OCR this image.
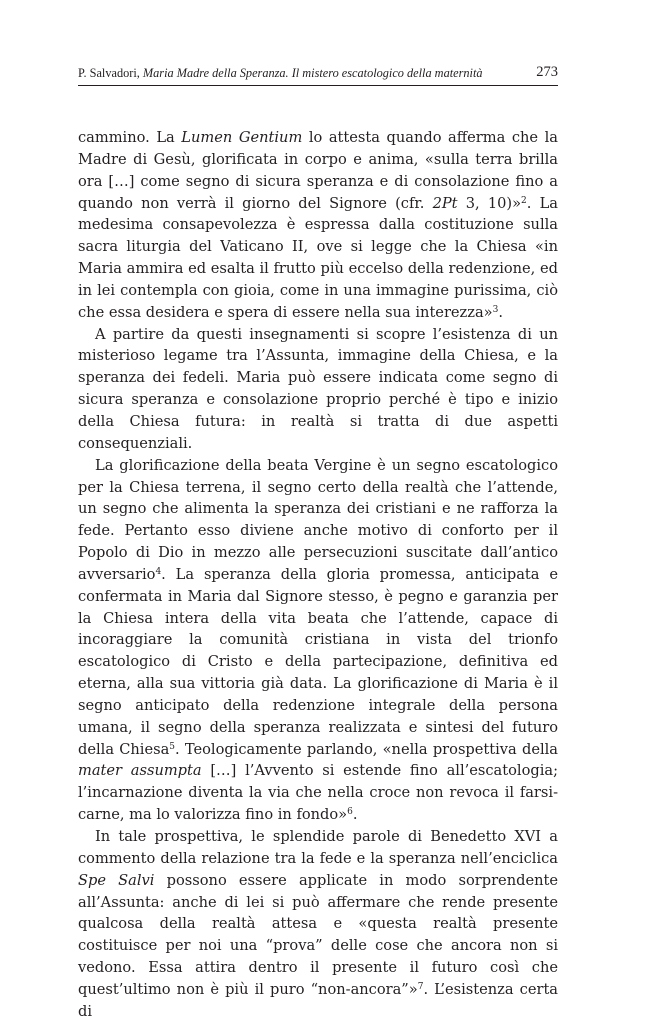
P. Salvadori, Maria Madre della Speranza. Il mistero escatologico della maternità	273

cammino. La Lumen Gentium lo attesta quando afferma che la Madre di Gesù, glorificata in corpo e anima, «sulla terra brilla ora […] come segno di sicura speranza e di consolazione fino a quando non verrà il giorno del Signore (cfr. 2Pt 3, 10)»$^2$. La medesima consapevolezza è espressa dalla costituzione sulla sacra liturgia del Vaticano II, ove si legge che la Chiesa «in Maria ammira ed esalta il frutto più eccelso della redenzione, ed in lei contempla con gioia, come in una immagine purissima, ciò che essa desidera e spera di essere nella sua interezza»$^3$.

A partire da questi insegnamenti si scopre l’esistenza di un misterioso legame tra l’Assunta, immagine della Chiesa, e la speranza dei fedeli. Maria può essere indicata come segno di sicura speranza e consolazione proprio perché è tipo e inizio della Chiesa futura: in realtà si tratta di due aspetti consequenziali.

La glorificazione della beata Vergine è un segno escatologico per la Chiesa terrena, il segno certo della realtà che l’attende, un segno che alimenta la speranza dei cristiani e ne rafforza la fede. Pertanto esso diviene anche motivo di conforto per il Popolo di Dio in mezzo alle persecuzioni suscitate dall’antico avversario$^4$. La speranza della gloria promessa, anticipata e confermata in Maria dal Signore stesso, è pegno e garanzia per la Chiesa intera della vita beata che l’attende, capace di incoraggiare la comunità cristiana in vista del trionfo escatologico di Cristo e della partecipazione, definitiva ed eterna, alla sua vittoria già data. La glorificazione di Maria è il segno anticipato della redenzione integrale della persona umana, il segno della speranza realizzata e sintesi del futuro della Chiesa$^5$. Teologicamente parlando, «nella prospettiva della mater assumpta […] l’Avvento si estende fino all’escatologia; l’incarnazione diventa la via che nella croce non revoca il farsi-carne, ma lo valorizza fino in fondo»$^6$.

In tale prospettiva, le splendide parole di Benedetto XVI a commento della relazione tra la fede e la speranza nell’enciclica Spe Salvi possono essere applicate in modo sorprendente all’Assunta: anche di lei si può affermare che rende presente qualcosa della realtà attesa e «questa realtà presente costituisce per noi una “prova” delle cose che ancora non si vedono. Essa attira dentro il presente il futuro così che quest’ultimo non è più il puro “non-ancora”»$^7$. L’esistenza certa di
